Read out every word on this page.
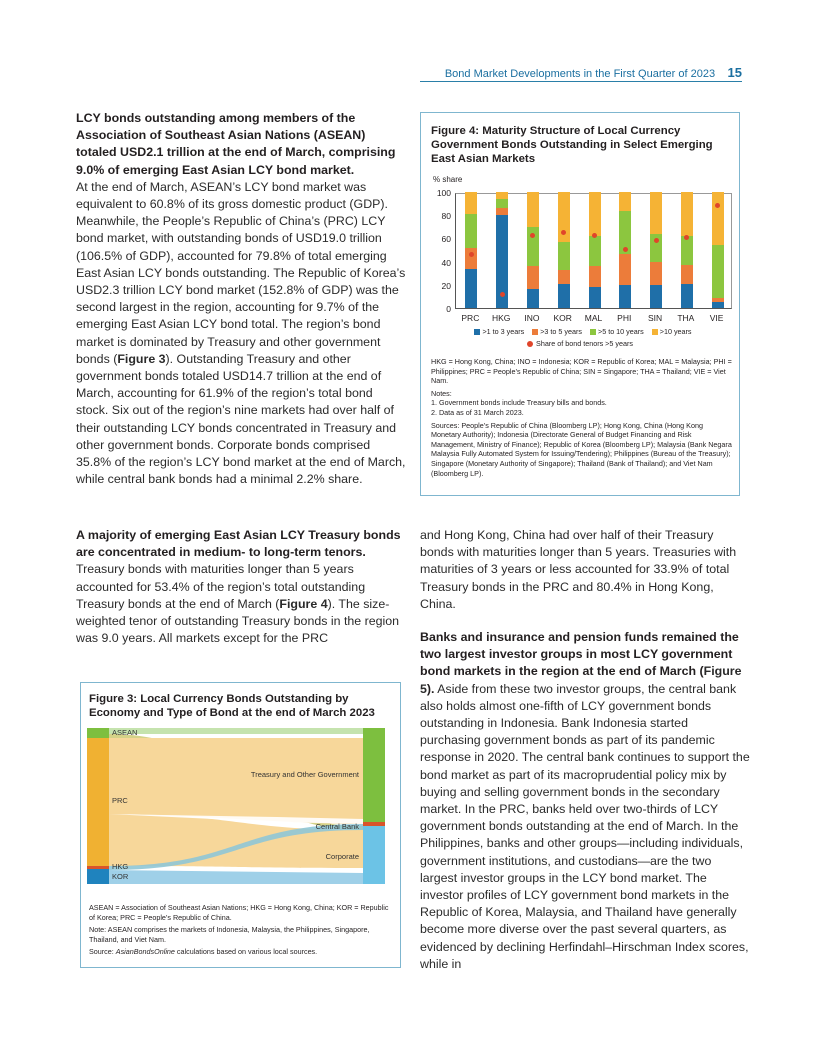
Bond Market Developments in the First Quarter of 2023 15

LCY bonds outstanding among members of the Association of Southeast Asian Nations (ASEAN) totaled USD2.1 trillion at the end of March, comprising 9.0% of emerging East Asian LCY bond market.
At the end of March, ASEAN’s LCY bond market was equivalent to 60.8% of its gross domestic product (GDP). Meanwhile, the People’s Republic of China’s (PRC) LCY bond market, with outstanding bonds of USD19.0 trillion (106.5% of GDP), accounted for 79.8% of total emerging East Asian LCY bonds outstanding. The Republic of Korea’s USD2.3 trillion LCY bond market (152.8% of GDP) was the second largest in the region, accounting for 9.7% of the emerging East Asian LCY bond total. The region’s bond market is dominated by Treasury and other government bonds (Figure 3). Outstanding Treasury and other government bonds totaled USD14.7 trillion at the end of March, accounting for 61.9% of the region’s total bond stock. Six out of the region’s nine markets had over half of their outstanding LCY bonds concentrated in Treasury and other government bonds. Corporate bonds comprised 35.8% of the region’s LCY bond market at the end of March, while central bank bonds had a minimal 2.2% share.

A majority of emerging East Asian LCY Treasury bonds are concentrated in medium- to long-term tenors.
Treasury bonds with maturities longer than 5 years accounted for 53.4% of the region’s total outstanding Treasury bonds at the end of March (Figure 4). The size-weighted tenor of outstanding Treasury bonds in the region was 9.0 years. All markets except for the PRC

and Hong Kong, China had over half of their Treasury bonds with maturities longer than 5 years. Treasuries with maturities of 3 years or less accounted for 33.9% of total Treasury bonds in the PRC and 80.4% in Hong Kong, China.

Banks and insurance and pension funds remained the two largest investor groups in most LCY government bond markets in the region at the end of March (Figure 5). Aside from these two investor groups, the central bank also holds almost one-fifth of LCY government bonds outstanding in Indonesia. Bank Indonesia started purchasing government bonds as part of its pandemic response in 2020. The central bank continues to support the bond market as part of its macroprudential policy mix by buying and selling government bonds in the secondary market. In the PRC, banks held over two-thirds of LCY government bonds outstanding at the end of March. In the Philippines, banks and other groups—including individuals, government institutions, and custodians—are the two largest investor groups in the LCY bond market. The investor profiles of LCY government bond markets in the Republic of Korea, Malaysia, and Thailand have generally become more diverse over the past several quarters, as evidenced by declining Herfindahl–Hirschman Index scores, while in

Figure 4: Maturity Structure of Local Currency Government Bonds Outstanding in Select Emerging East Asian Markets
% share
100
80
60
40
20
0
PRC	HKG	INO	KOR	MAL	PHI	SIN	THA	VIE
>1 to 3 years >3 to 5 years >5 to 10 years >10 years
Share of bond tenors >5 years

HKG = Hong Kong, China; INO = Indonesia; KOR = Republic of Korea; MAL = Malaysia; PHI = Philippines; PRC = People’s Republic of China; SIN = Singapore; THA = Thailand; VIE = Viet Nam.

Notes:

1. Government bonds include Treasury bills and bonds.

2. Data as of 31 March 2023.

Sources: People’s Republic of China (Bloomberg LP); Hong Kong, China (Hong Kong Monetary Authority); Indonesia (Directorate General of Budget Financing and Risk Management, Ministry of Finance); Republic of Korea (Bloomberg LP); Malaysia (Bank Negara Malaysia Fully Automated System for Issuing/Tendering); Philippines (Bureau of the Treasury); Singapore (Monetary Authority of Singapore); Thailand (Bank of Thailand); and Viet Nam (Bloomberg LP).

Figure 3: Local Currency Bonds Outstanding by Economy and Type of Bond at the end of March 2023
ASEAN
PRC
HKG
KOR
Treasury and Other Government
Central Bank
Corporate

ASEAN = Association of Southeast Asian Nations; HKG = Hong Kong, China; KOR = Republic of Korea; PRC = People’s Republic of China.

Note: ASEAN comprises the markets of Indonesia, Malaysia, the Philippines, Singapore, Thailand, and Viet Nam.

Source: AsianBondsOnline calculations based on various local sources.
